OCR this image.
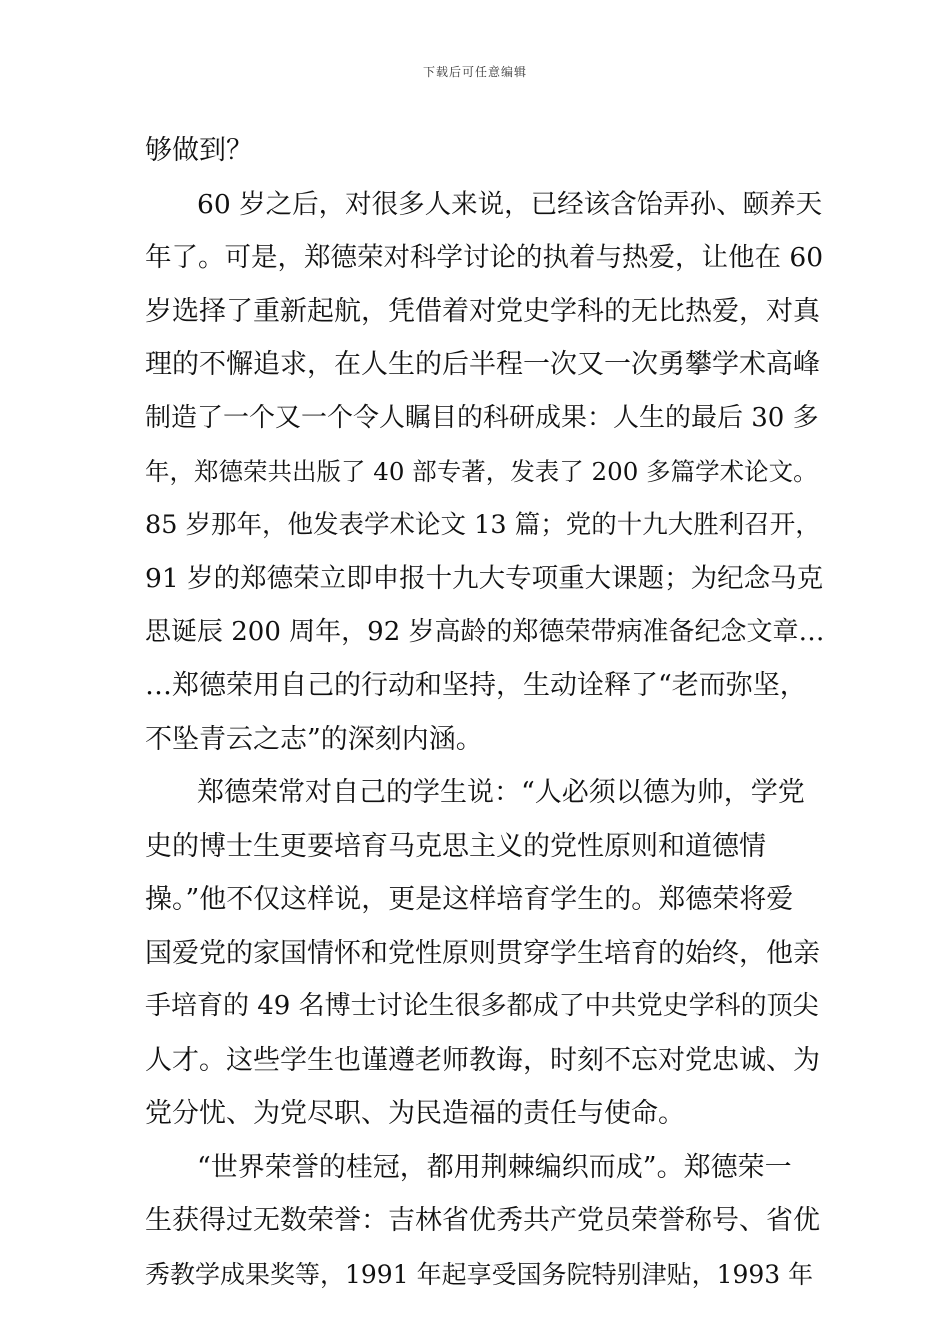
下载后可任意编辑
够做到？
60 岁之后，对很多人来说，已经该含饴弄孙、颐养天
年了。可是，郑德荣对科学讨论的执着与热爱，让他在 60
岁选择了重新起航，凭借着对党史学科的无比热爱，对真
理的不懈追求，在人生的后半程一次又一次勇攀学术高峰
制造了一个又一个令人瞩目的科研成果：人生的最后 30 多
年，郑德荣共出版了 40 部专著，发表了 200 多篇学术论文。
85 岁那年，他发表学术论文 13 篇；党的十九大胜利召开，
91 岁的郑德荣立即申报十九大专项重大课题；为纪念马克
思诞辰 200 周年，92 岁高龄的郑德荣带病准备纪念文章…
…郑德荣用自己的行动和坚持，生动诠释了“老而弥坚，
不坠青云之志”的深刻内涵。
郑德荣常对自己的学生说：“人必须以德为帅，学党
史的博士生更要培育马克思主义的党性原则和道德情
操。”他不仅这样说，更是这样培育学生的。郑德荣将爱
国爱党的家国情怀和党性原则贯穿学生培育的始终，他亲
手培育的 49 名博士讨论生很多都成了中共党史学科的顶尖
人才。这些学生也谨遵老师教诲，时刻不忘对党忠诚、为
党分忧、为党尽职、为民造福的责任与使命。
“世界荣誉的桂冠，都用荆棘编织而成”。郑德荣一
生获得过无数荣誉：吉林省优秀共产党员荣誉称号、省优
秀教学成果奖等，1991 年起享受国务院特别津贴，1993 年
